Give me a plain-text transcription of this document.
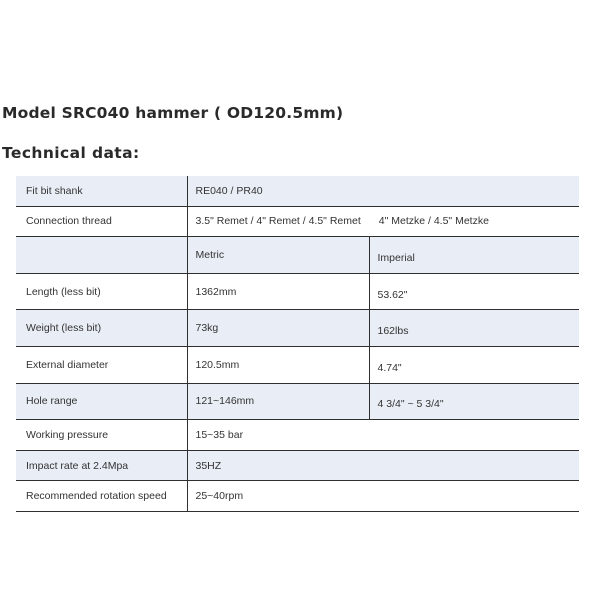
Model SRC040 hammer ( OD120.5mm)
Technical data:
Fit bit shank	RE040 / PR40	
Connection thread	3.5" Remet / 4" Remet / 4.5" Remet 4" Metzke / 4.5" Metzke	
	Metric	Imperial
Length (less bit)	1362mm	53.62"
Weight (less bit)	73kg	162lbs
External diameter	120.5mm	4.74"
Hole range	121~146mm	4 3/4" ~ 5 3/4"
Working pressure	15~35 bar	
Impact rate at 2.4Mpa	35HZ	
Recommended rotation speed	25~40rpm	
